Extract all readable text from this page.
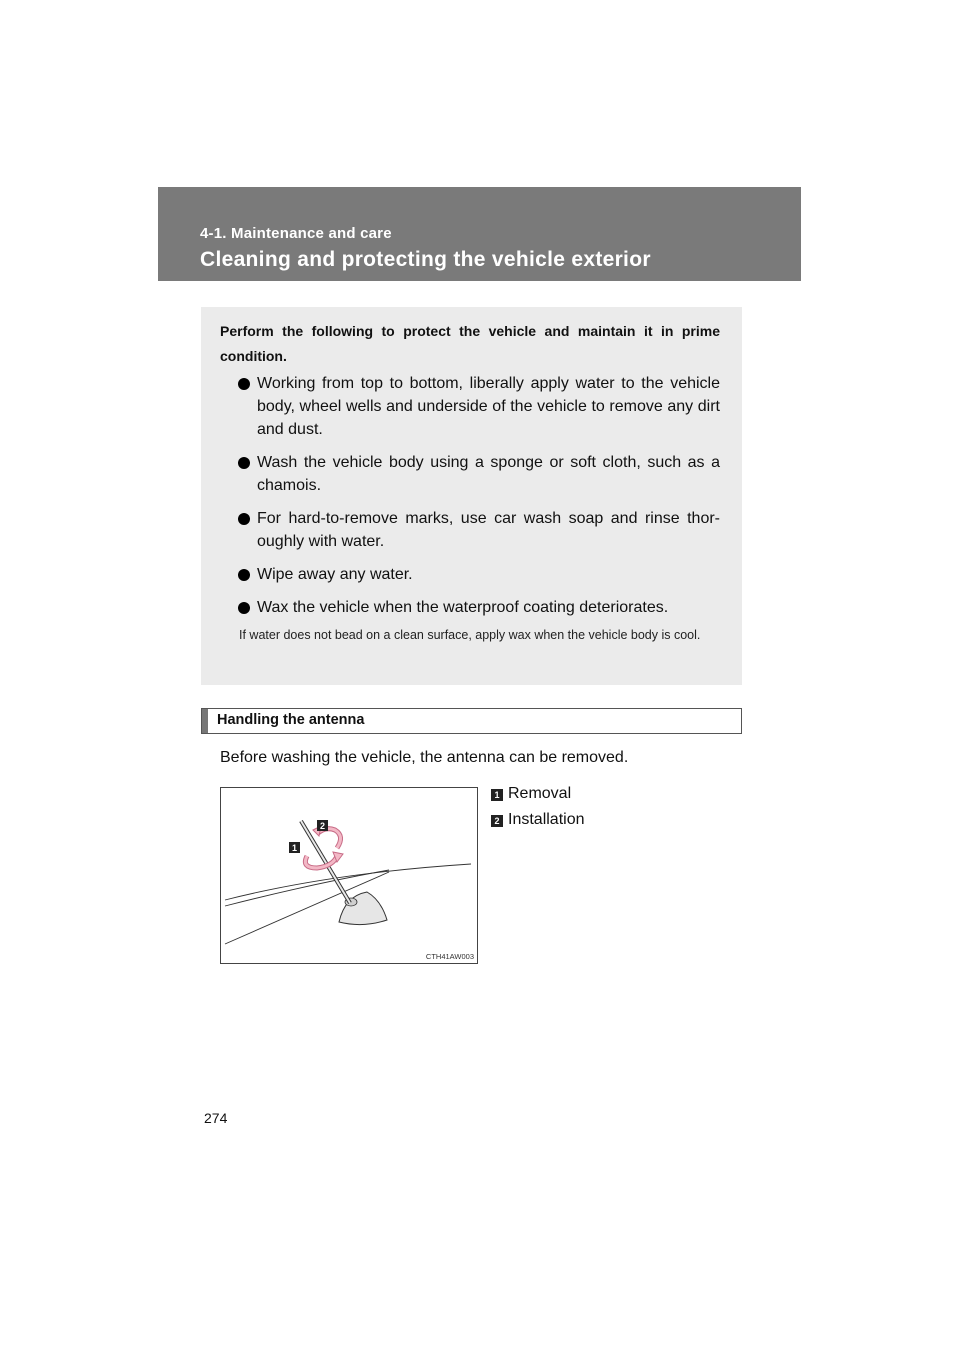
4-1. Maintenance and care
Cleaning and protecting the vehicle exterior
Perform the following to protect the vehicle and maintain it in prime condition.
Working from top to bottom, liberally apply water to the vehicle body, wheel wells and underside of the vehicle to remove any dirt and dust.
Wash the vehicle body using a sponge or soft cloth, such as a chamois.
For hard-to-remove marks, use car wash soap and rinse thor- oughly with water.
Wipe away any water.
Wax the vehicle when the waterproof coating deteriorates.
If water does not bead on a clean surface, apply wax when the vehicle body is cool.
Handling the antenna
Before washing the vehicle, the antenna can be removed.
1
2
CTH41AW003
1 Removal
2 Installation
274
